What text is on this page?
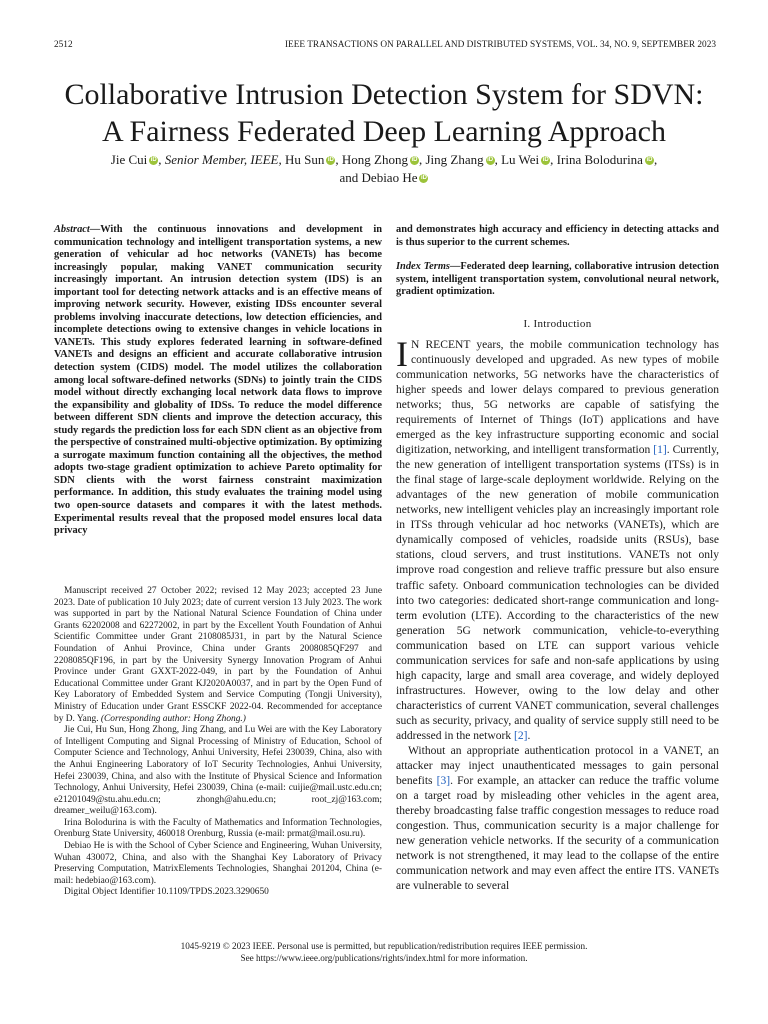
2512	IEEE TRANSACTIONS ON PARALLEL AND DISTRIBUTED SYSTEMS, VOL. 34, NO. 9, SEPTEMBER 2023
Collaborative Intrusion Detection System for SDVN:
A Fairness Federated Deep Learning Approach
Jie Cui iD , Senior Member, IEEE, Hu Sun iD , Hong Zhong iD , Jing Zhang iD , Lu Wei iD , Irina Bolodurina iD ,
and Debiao He iD
Abstract—With the continuous innovations and development in communication technology and intelligent transportation systems, a new generation of vehicular ad hoc networks (VANETs) has become increasingly popular, making VANET communication security increasingly important. An intrusion detection system (IDS) is an important tool for detecting network attacks and is an effective means of improving network security. However, existing IDSs encounter several problems involving inaccurate detections, low detection efficiencies, and incomplete detections owing to extensive changes in vehicle locations in VANETs. This study explores federated learning in software-defined VANETs and designs an efficient and accurate collaborative intrusion detection system (CIDS) model. The model utilizes the collaboration among local software-defined networks (SDNs) to jointly train the CIDS model without directly exchanging local network data flows to improve the expansibility and globality of IDSs. To reduce the model difference between different SDN clients and improve the detection accuracy, this study regards the prediction loss for each SDN client as an objective from the perspective of constrained multi-objective optimization. By optimizing a surrogate maximum function containing all the objectives, the method adopts two-stage gradient optimization to achieve Pareto optimality for SDN clients with the worst fairness constraint maximization performance. In addition, this study evaluates the training model using two open-source datasets and compares it with the latest methods. Experimental results reveal that the proposed model ensures local data privacy
and demonstrates high accuracy and efficiency in detecting attacks and is thus superior to the current schemes.
Index Terms—Federated deep learning, collaborative intrusion detection system, intelligent transportation system, convolutional neural network, gradient optimization.
I. Introduction

I N RECENT years, the mobile communication technology has continuously developed and upgraded. As new types of mobile communication networks, 5G networks have the characteristics of higher speeds and lower delays compared to previous generation networks; thus, 5G networks are capable of satisfying the requirements of Internet of Things (IoT) applications and have emerged as the key infrastructure supporting economic and social digitization, networking, and intelligent transformation [1]. Currently, the new generation of intelligent transportation systems (ITSs) is in the final stage of large-scale deployment worldwide. Relying on the advantages of the new generation of mobile communication networks, new intelligent vehicles play an increasingly important role in ITSs through vehicular ad hoc networks (VANETs), which are dynamically composed of vehicles, roadside units (RSUs), base stations, cloud servers, and trust institutions. VANETs not only improve road congestion and relieve traffic pressure but also ensure traffic safety. Onboard communication technologies can be divided into two categories: dedicated short-range communication and long-term evolution (LTE). According to the characteristics of the new generation 5G network communication, vehicle-to-everything communication based on LTE can support various vehicle communication services for safe and non-safe applications by using high capacity, large and small area coverage, and widely deployed infrastructures. However, owing to the low delay and other characteristics of current VANET communication, several challenges such as security, privacy, and quality of service supply still need to be addressed in the network [2].

Without an appropriate authentication protocol in a VANET, an attacker may inject unauthenticated messages to gain personal benefits [3]. For example, an attacker can reduce the traffic volume on a target road by misleading other vehicles in the agent area, thereby broadcasting false traffic congestion messages to reduce road congestion. Thus, communication security is a major challenge for new generation vehicle networks. If the security of a communication network is not strengthened, it may lead to the collapse of the entire communication network and may even affect the entire ITS. VANETs are vulnerable to several

Manuscript received 27 October 2022; revised 12 May 2023; accepted 23 June 2023. Date of publication 10 July 2023; date of current version 13 July 2023. The work was supported in part by the National Natural Science Foundation of China under Grants 62202008 and 62272002, in part by the Excellent Youth Foundation of Anhui Scientific Committee under Grant 2108085J31, in part by the Natural Science Foundation of Anhui Province, China under Grants 2008085QF297 and 2208085QF196, in part by the University Synergy Innovation Program of Anhui Province under Grant GXXT-2022-049, in part by the Foundation of Anhui Educational Committee under Grant KJ2020A0037, and in part by the Open Fund of Key Laboratory of Embedded System and Service Computing (Tongji University), Ministry of Education under Grant ESSCKF 2022-04. Recommended for acceptance by D. Yang. (Corresponding author: Hong Zhong.)

Jie Cui, Hu Sun, Hong Zhong, Jing Zhang, and Lu Wei are with the Key Laboratory of Intelligent Computing and Signal Processing of Ministry of Education, School of Computer Science and Technology, Anhui University, Hefei 230039, China, also with the Anhui Engineering Laboratory of IoT Security Technologies, Anhui University, Hefei 230039, China, and also with the Institute of Physical Science and Information Technology, Anhui University, Hefei 230039, China (e-mail: cuijie@mail.ustc.edu.cn; e21201049@stu.ahu.edu.cn; zhongh@ahu.edu.cn; root_zj@163.com; dreamer_weilu@163.com).

Irina Bolodurina is with the Faculty of Mathematics and Information Technologies, Orenburg State University, 460018 Orenburg, Russia (e-mail: prmat@mail.osu.ru).

Debiao He is with the School of Cyber Science and Engineering, Wuhan University, Wuhan 430072, China, and also with the Shanghai Key Laboratory of Privacy Preserving Computation, MatrixElements Technologies, Shanghai 201204, China (e-mail: hedebiao@163.com).

Digital Object Identifier 10.1109/TPDS.2023.3290650

1045-9219 © 2023 IEEE. Personal use is permitted, but republication/redistribution requires IEEE permission.
See https://www.ieee.org/publications/rights/index.html for more information.
